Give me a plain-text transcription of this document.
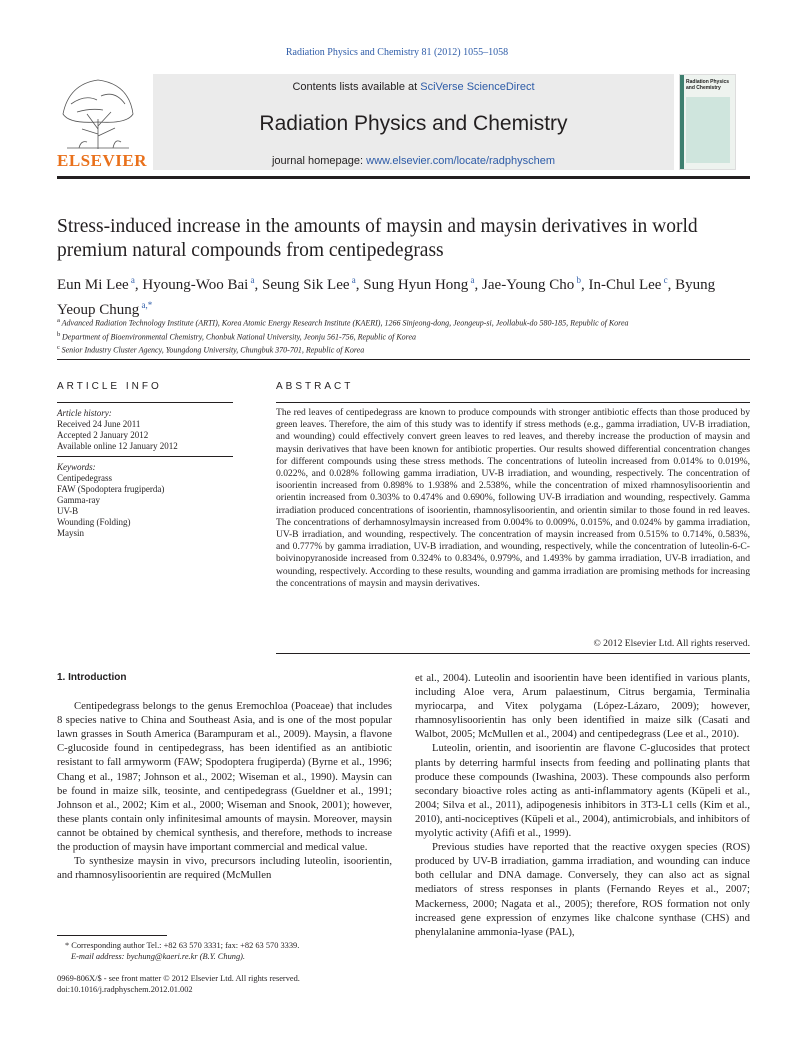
Radiation Physics and Chemistry 81 (2012) 1055–1058
ELSEVIER
Contents lists available at SciVerse ScienceDirect
Radiation Physics and Chemistry
journal homepage: www.elsevier.com/locate/radphyschem
Radiation Physics and Chemistry
Stress-induced increase in the amounts of maysin and maysin derivatives in world premium natural compounds from centipedegrass
Eun Mi Lee $^a$, Hyoung-Woo Bai $^a$, Seung Sik Lee $^a$, Sung Hyun Hong $^a$, Jae-Young Cho $^b$, In-Chul Lee $^c$, Byung Yeoup Chung $^{a,*}$
$^a$ Advanced Radiation Technology Institute (ARTI), Korea Atomic Energy Research Institute (KAERI), 1266 Sinjeong-dong, Jeongeup-si, Jeollabuk-do 580-185, Republic of Korea
$^b$ Department of Bioenvironmental Chemistry, Chonbuk National University, Jeonju 561-756, Republic of Korea
$^c$ Senior Industry Cluster Agency, Youngdong University, Chungbuk 370-701, Republic of Korea
ARTICLE INFO	ABSTRACT
Article history:
Received 24 June 2011
Accepted 2 January 2012
Available online 12 January 2012
Keywords:
Centipedegrass
FAW (Spodoptera frugiperda)
Gamma-ray
UV-B
Wounding (Folding)
Maysin
The red leaves of centipedegrass are known to produce compounds with stronger antibiotic effects than those produced by green leaves. Therefore, the aim of this study was to identify if stress methods (e.g., gamma irradiation, UV-B irradiation, and wounding) could effectively convert green leaves to red leaves, and thereby increase the production of maysin and maysin derivatives that have been known for antibiotic properties. Our results showed differential concentration changes for different compounds using these stress methods. The concentrations of luteolin increased from 0.014% to 0.019%, 0.022%, and 0.028% following gamma irradiation, UV-B irradiation, and wounding, respectively. The concentration of isoorientin increased from 0.898% to 1.938% and 2.538%, while the concentration of mixed rhamnosylisoorientin and orientin increased from 0.303% to 0.474% and 0.690%, following UV-B irradiation and wounding, respectively. Gamma irradiation produced concentrations of isoorientin, rhamnosylisoorientin, and orientin similar to those found in red leaves. The concentrations of derhamnosylmaysin increased from 0.004% to 0.009%, 0.015%, and 0.024% by gamma irradiation, UV-B irradiation, and wounding, respectively. The concentration of maysin increased from 0.515% to 0.714%, 0.583%, and 0.777% by gamma irradiation, UV-B irradiation, and wounding, respectively, while the concentration of luteolin-6-C-boivinopyranoside increased from 0.324% to 0.834%, 0.979%, and 1.493% by gamma irradiation, UV-B irradiation, and wounding, respectively. According to these results, wounding and gamma irradiation are promising methods for increasing the concentrations of maysin and maysin derivatives.
© 2012 Elsevier Ltd. All rights reserved.
1. Introduction

Centipedegrass belongs to the genus Eremochloa (Poaceae) that includes 8 species native to China and Southeast Asia, and is one of the most popular lawn grasses in South America (Barampuram et al., 2009). Maysin, a flavone C-glucoside found in centipedegrass, has been identified as an antibiotic resistant to fall armyworm (FAW; Spodoptera frugiperda) (Byrne et al., 1996; Chang et al., 1987; Johnson et al., 2002; Wiseman et al., 1990). Maysin can be found in maize silk, teosinte, and centipedegrass (Gueldner et al., 1991; Johnson et al., 2002; Kim et al., 2000; Wiseman and Snook, 2001); however, these plants contain only infinitesimal amounts of maysin. Moreover, maysin cannot be obtained by chemical synthesis, and therefore, methods to increase the production of maysin have important commercial and medical value.

To synthesize maysin in vivo, precursors including luteolin, isoorientin, and rhamnosylisoorientin are required (McMullen

et al., 2004). Luteolin and isoorientin have been identified in various plants, including Aloe vera, Arum palaestinum, Citrus bergamia, Terminalia myriocarpa, and Vitex polygama (López-Lázaro, 2009); however, rhamnosylisoorientin has only been identified in maize silk (Casati and Walbot, 2005; McMullen et al., 2004) and centipedegrass (Lee et al., 2010).

Luteolin, orientin, and isoorientin are flavone C-glucosides that protect plants by deterring harmful insects from feeding and pollinating plants that produce these compounds (Iwashina, 2003). These compounds also perform secondary bioactive roles acting as anti-inflammatory agents (Küpeli et al., 2004; Silva et al., 2011), adipogenesis inhibitors in 3T3-L1 cells (Kim et al., 2010), anti-nociceptives (Küpeli et al., 2004), antimicrobials, and inhibitors of myolytic activity (Afifi et al., 1999).

Previous studies have reported that the reactive oxygen species (ROS) produced by UV-B irradiation, gamma irradiation, and wounding can induce both cellular and DNA damage. Conversely, they can also act as signal mediators of stress responses in plants (Fernando Reyes et al., 2007; Mackerness, 2000; Nagata et al., 2005); therefore, ROS formation not only increased gene expression of enzymes like chalcone synthase (CHS) and phenylalanine ammonia-lyase (PAL),

* Corresponding author Tel.: +82 63 570 3331; fax: +82 63 570 3339.
E-mail address: bychung@kaeri.re.kr (B.Y. Chung).
0969-806X/$ - see front matter © 2012 Elsevier Ltd. All rights reserved.
doi:10.1016/j.radphyschem.2012.01.002
